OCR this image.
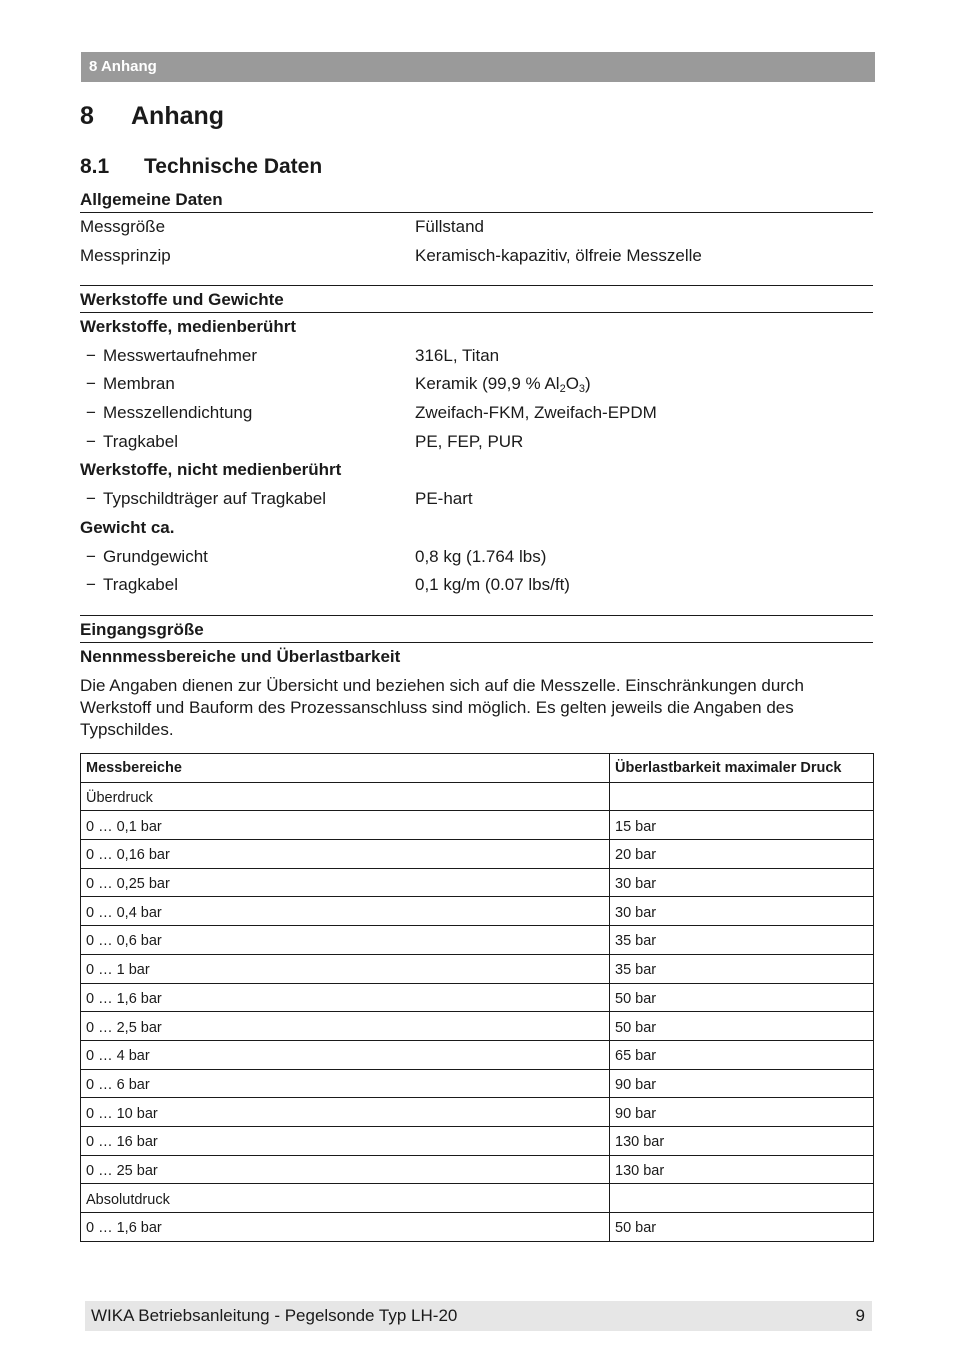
8 Anhang
8 Anhang
8.1 Technische Daten
Allgemeine Daten
Messgröße	Füllstand
Messprinzip	Keramisch-kapazitiv, ölfreie Messzelle
Werkstoffe und Gewichte
Werkstoffe, medienberührt
− Messwertaufnehmer	316L, Titan
− Membran	Keramik (99,9 % $Al_2O_3$)
− Messzellendichtung	Zweifach-FKM, Zweifach-EPDM
− Tragkabel	PE, FEP, PUR
Werkstoffe, nicht medienberührt
− Typschildträger auf Tragkabel	PE-hart
Gewicht ca.
− Grundgewicht	0,8 kg (1.764 lbs)
− Tragkabel	0,1 kg/m (0.07 lbs/ft)
Eingangsgröße
Nennmessbereiche und Überlastbarkeit
Die Angaben dienen zur Übersicht und beziehen sich auf die Messzelle. Einschränkungen durch Werkstoff und Bauform des Prozessanschluss sind möglich. Es gelten jeweils die Angaben des Typschildes.
Messbereiche	Überlastbarkeit maximaler Druck
Überdruck	
0 … 0,1 bar	15 bar
0 … 0,16 bar	20 bar
0 … 0,25 bar	30 bar
0 … 0,4 bar	30 bar
0 … 0,6 bar	35 bar
0 … 1 bar	35 bar
0 … 1,6 bar	50 bar
0 … 2,5 bar	50 bar
0 … 4 bar	65 bar
0 … 6 bar	90 bar
0 … 10 bar	90 bar
0 … 16 bar	130 bar
0 … 25 bar	130 bar
Absolutdruck	
0 … 1,6 bar	50 bar
WIKA Betriebsanleitung - Pegelsonde Typ LH-20	9
